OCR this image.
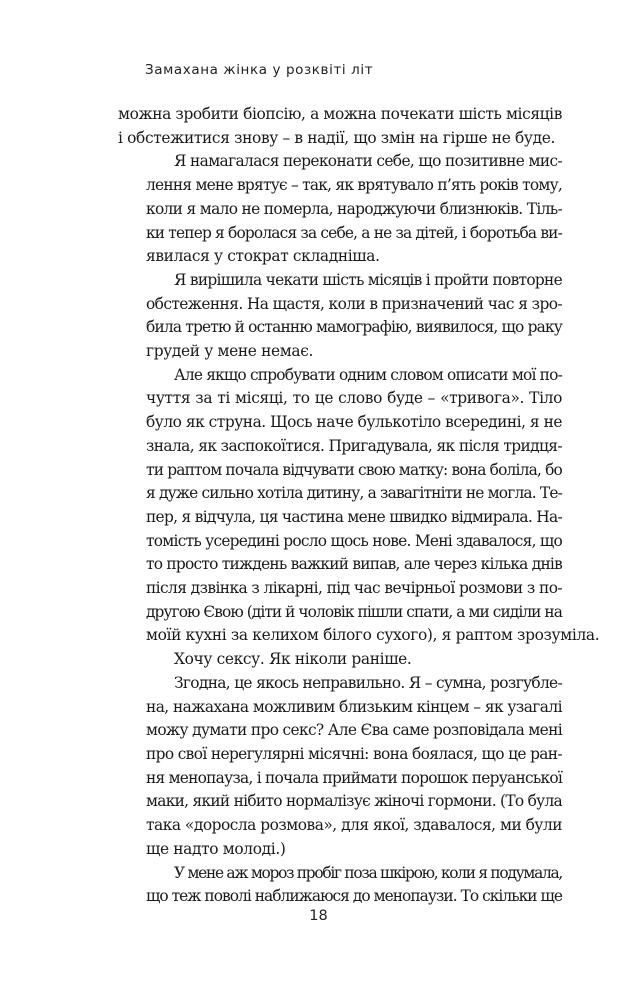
Замахана жінка у розквіті літ

можна зробити біопсію, а можна почекати шість місяців
і обстежитися знову – в надії, що змін на гірше не буде.

Я намагалася переконати себе, що позитивне мис-
лення мене врятує – так, як врятувало п’ять років тому,
коли я мало не померла, народжуючи близнюків. Тіль-
ки тепер я боролася за себе, а не за дітей, і боротьба ви-
явилася у стократ складніша.

Я вирішила чекати шість місяців і пройти повторне
обстеження. На щастя, коли в призначений час я зро-
била третю й останню мамографію, виявилося, що раку
грудей у мене немає.

Але якщо спробувати одним словом описати мої по-
чуття за ті місяці, то це слово буде – «тривога». Тіло
було як струна. Щось наче булькотіло всередині, я не
знала, як заспокоїтися. Пригадувала, як після тридця-
ти раптом почала відчувати свою матку: вона боліла, бо
я дуже сильно хотіла дитину, а завагітніти не могла. Те-
пер, я відчула, ця частина мене швидко відмирала. На-
томість усередині росло щось нове. Мені здавалося, що
то просто тиждень важкий випав, але через кілька днів
після дзвінка з лікарні, під час вечірньої розмови з по-
другою Євою (діти й чоловік пішли спати, а ми сиділи на
моїй кухні за келихом білого сухого), я раптом зрозуміла.

Хочу сексу. Як ніколи раніше.

Згодна, це якось неправильно. Я – сумна, розгубле-
на, нажахана можливим близьким кінцем – як узагалі
можу думати про секс? Але Єва саме розповідала мені
про свої нерегулярні місячні: вона боялася, що це ран-
ня менопауза, і почала приймати порошок перуанської
маки, який нібито нормалізує жіночі гормони. (То була
така «доросла розмова», для якої, здавалося, ми були
ще надто молоді.)

У мене аж мороз пробіг поза шкірою, коли я подумала,
що теж поволі наближаюся до менопаузи. То скільки ще

18
